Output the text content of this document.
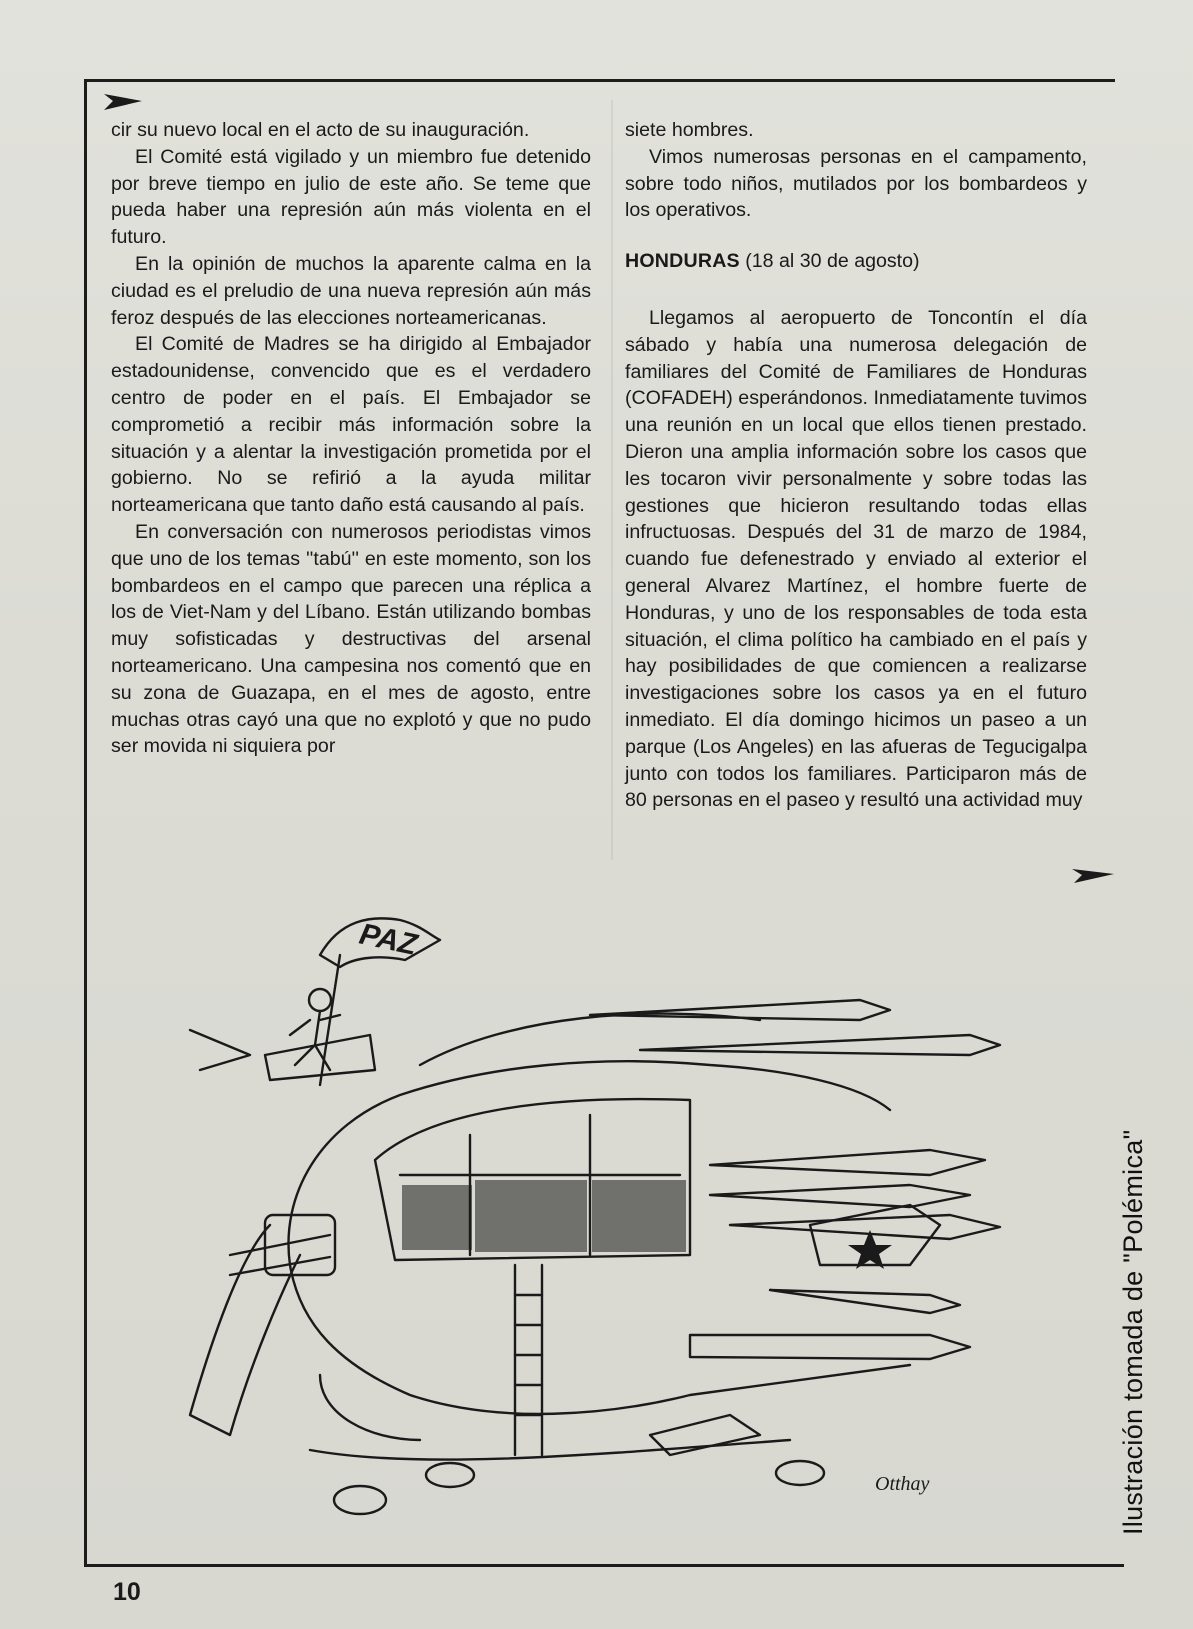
cir su nuevo local en el acto de su inauguración.

El Comité está vigilado y un miembro fue detenido por breve tiempo en julio de este año. Se teme que pueda haber una represión aún más violenta en el futuro.

En la opinión de muchos la aparente calma en la ciudad es el preludio de una nueva represión aún más feroz después de las elecciones norteamericanas.

El Comité de Madres se ha dirigido al Embajador estadounidense, convencido que es el verdadero centro de poder en el país. El Embajador se comprometió a recibir más información sobre la situación y a alentar la investigación prometida por el gobierno. No se refirió a la ayuda militar norteamericana que tanto daño está causando al país.

En conversación con numerosos periodistas vimos que uno de los temas ''tabú'' en este momento, son los bombardeos en el campo que parecen una réplica a los de Viet-Nam y del Líbano. Están utilizando bombas muy sofisticadas y destructivas del arsenal norteamericano. Una campesina nos comentó que en su zona de Guazapa, en el mes de agosto, entre muchas otras cayó una que no explotó y que no pudo ser movida ni siquiera por

siete hombres.

Vimos numerosas personas en el campamento, sobre todo niños, mutilados por los bombardeos y los operativos.

HONDURAS (18 al 30 de agosto)

Llegamos al aeropuerto de Toncontín el día sábado y había una numerosa delegación de familiares del Comité de Familiares de Honduras (COFADEH) esperándonos. Inmediatamente tuvimos una reunión en un local que ellos tienen prestado. Dieron una amplia información sobre los casos que les tocaron vivir personalmente y sobre todas las gestiones que hicieron resultando todas ellas infructuosas. Después del 31 de marzo de 1984, cuando fue defenestrado y enviado al exterior el general Alvarez Martínez, el hombre fuerte de Honduras, y uno de los responsables de toda esta situación, el clima político ha cambiado en el país y hay posibilidades de que comiencen a realizarse investigaciones sobre los casos ya en el futuro inmediato. El día domingo hicimos un paseo a un parque (Los Angeles) en las afueras de Tegucigalpa junto con todos los familiares. Participaron más de 80 personas en el paseo y resultó una actividad muy

PAZ
Otthay	Ilustración tomada de "Polémica"
10
